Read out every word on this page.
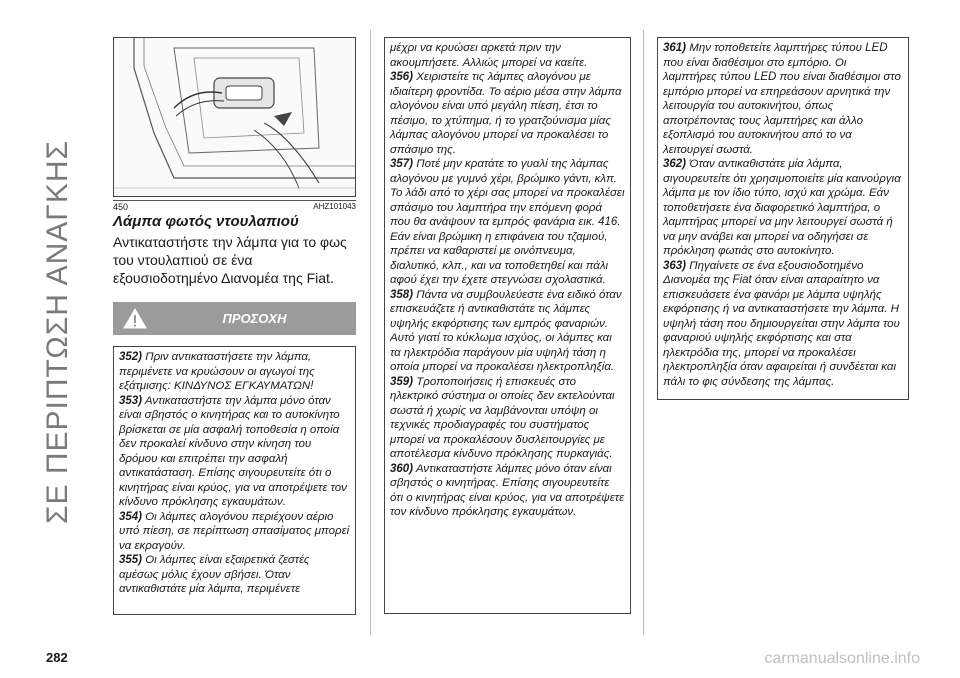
ΣΕ ΠΕΡΙΠΤΩΣΗ ΑΝΑΓΚΗΣ	450	AHZ101043
Λάμπα φωτός ντουλαπιού
Αντικαταστήστε την λάμπα για το φως του ντουλαπιού σε ένα εξουσιοδοτημένο Διανομέα της Fiat.
ΠΡΟΣΟΧΗ

352) Πριν αντικαταστήσετε την λάμπα, περιμένετε να κρυώσουν οι αγωγοί της εξάτμισης: ΚΙΝΔΥΝΟΣ ΕΓΚΑΥΜΑΤΩΝ!

353) Αντικαταστήστε την λάμπα μόνο όταν είναι σβηστός ο κινητήρας και το αυτοκίνητο βρίσκεται σε μία ασφαλή τοποθεσία η οποία δεν προκαλεί κίνδυνο στην κίνηση του δρόμου και επιτρέπει την ασφαλή αντικατάσταση. Επίσης σιγουρευτείτε ότι ο κινητήρας είναι κρύος, για να αποτρέψετε τον κίνδυνο πρόκλησης εγκαυμάτων.

354) Οι λάμπες αλογόνου περιέχουν αέριο υπό πίεση, σε περίπτωση σπασίματος μπορεί να εκραγούν.

355) Οι λάμπες είναι εξαιρετικά ζεστές αμέσως μόλις έχουν σβήσει. Όταν αντικαθιστάτε μία λάμπα, περιμένετε

μέχρι να κρυώσει αρκετά πριν την ακουμπήσετε. Αλλιώς μπορεί να καείτε.

356) Χειριστείτε τις λάμπες αλογόνου με ιδιαίτερη φροντίδα. Το αέριο μέσα στην λάμπα αλογόνου είναι υπό μεγάλη πίεση, έτσι το πέσιμο, το χτύπημα, ή το γρατζούνισμα μίας λάμπας αλογόνου μπορεί να προκαλέσει το σπάσιμο της.

357) Ποτέ μην κρατάτε το γυαλί της λάμπας αλογόνου με γυμνό χέρι, βρώμικο γάντι, κλπ. Το λάδι από το χέρι σας μπορεί να προκαλέσει σπάσιμο του λαμπτήρα την επόμενη φορά που θα ανάψουν τα εμπρός φανάρια εικ. 416. Εάν είναι βρώμικη η επιφάνεια του τζαμιού, πρέπει να καθαριστεί με οινόπνευμα, διαλυτικό, κλπ., και να τοποθετηθεί και πάλι αφού έχει την έχετε στεγνώσει σχολαστικά.

358) Πάντα να συμβουλεύεστε ένα ειδικό όταν επισκευάζετε ή αντικαθιστάτε τις λάμπες υψηλής εκφόρτισης των εμπρός φαναριών. Αυτό γιατί το κύκλωμα ισχύος, οι λάμπες και τα ηλεκτρόδια παράγουν μία υψηλή τάση η οποία μπορεί να προκαλέσει ηλεκτροπληξία.

359) Τροποποιήσεις ή επισκευές στο ηλεκτρικό σύστημα οι οποίες δεν εκτελούνται σωστά ή χωρίς να λαμβάνονται υπόψη οι τεχνικές προδιαγραφές του συστήματος μπορεί να προκαλέσουν δυσλειτουργίες με αποτέλεσμα κίνδυνο πρόκλησης πυρκαγιάς.

360) Αντικαταστήστε λάμπες μόνο όταν είναι σβηστός ο κινητήρας. Επίσης σιγουρευτείτε ότι ο κινητήρας είναι κρύος, για να αποτρέψετε τον κίνδυνο πρόκλησης εγκαυμάτων.

361) Μην τοποθετείτε λαμπτήρες τύπου LED που είναι διαθέσιμοι στο εμπόριο. Οι λαμπτήρες τύπου LED που είναι διαθέσιμοι στο εμπόριο μπορεί να επηρεάσουν αρνητικά την λειτουργία του αυτοκινήτου, όπως αποτρέποντας τους λαμπτήρες και άλλο εξοπλισμό του αυτοκινήτου από το να λειτουργεί σωστά.

362) Όταν αντικαθιστάτε μία λάμπα, σιγουρευτείτε ότι χρησιμοποιείτε μία καινούργια λάμπα με τον ίδιο τύπο, ισχύ και χρώμα. Εάν τοποθετήσετε ένα διαφορετικό λαμπτήρα, ο λαμπτήρας μπορεί να μην λειτουργεί σωστά ή να μην ανάβει και μπορεί να οδηγήσει σε πρόκληση φωτιάς στο αυτοκίνητο.

363) Πηγαίνετε σε ένα εξουσιοδοτημένο Διανομέα της Fiat όταν είναι απαραίτητο να επισκευάσετε ένα φανάρι με λάμπα υψηλής εκφόρτισης ή να αντικαταστήσετε την λάμπα. Η υψηλή τάση που δημιουργείται στην λάμπα του φαναριού υψηλής εκφόρτισης και στα ηλεκτρόδια της, μπορεί να προκαλέσει ηλεκτροπληξία όταν αφαιρείται ή συνδέεται και πάλι το φις σύνδεσης της λάμπας.

282	carmanualsonline.info
